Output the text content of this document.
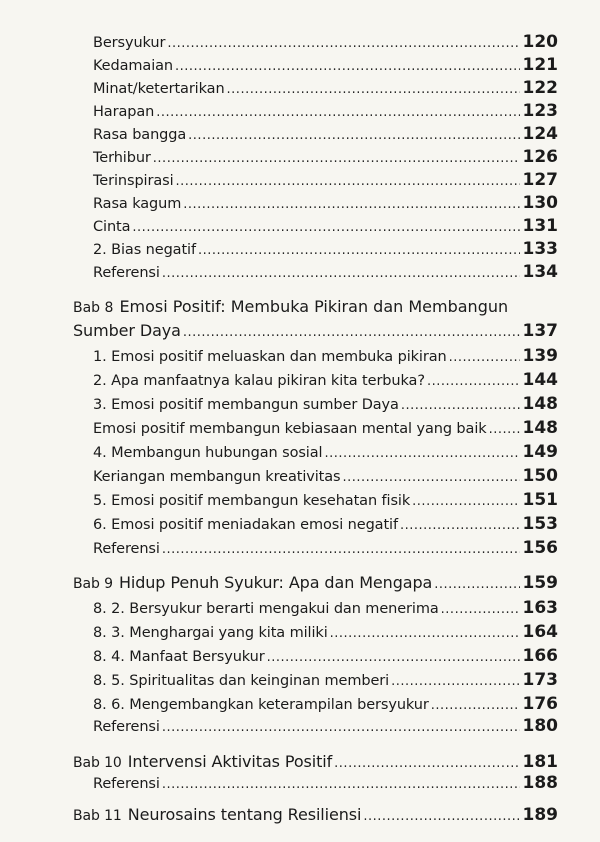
Bersyukur .....	120
Kedamaian .....	121
Minat/ketertarikan .....	122
Harapan .....	123
Rasa bangga .....	124
Terhibur .....	126
Terinspirasi .....	127
Rasa kagum .....	130
Cinta .....	131
2. Bias negatif .....	133
Referensi .....	134
Bab 8 Emosi Positif: Membuka Pikiran dan Membangun
Sumber Daya .....	137
1. Emosi positif meluaskan dan membuka pikiran .....	139
2. Apa manfaatnya kalau pikiran kita terbuka? .....	144
3. Emosi positif membangun sumber Daya .....	148
Emosi positif membangun kebiasaan mental yang baik ..... 148
4. Membangun hubungan sosial .....	149
Keriangan membangun kreativitas .....	150
5. Emosi positif membangun kesehatan fisik .....	151
6. Emosi positif meniadakan emosi negatif .....	153
Referensi .....	156
Bab 9 Hidup Penuh Syukur: Apa dan Mengapa .....	159
8. 2. Bersyukur berarti mengakui dan menerima .....	163
8. 3. Menghargai yang kita miliki .....	164
8. 4. Manfaat Bersyukur .....	166
8. 5. Spiritualitas dan keinginan memberi .....	173
8. 6. Mengembangkan keterampilan bersyukur .....	176
Referensi .....	180
Bab 10 Intervensi Aktivitas Positif .....	181
Referensi .....	188
Bab 11 Neurosains tentang Resiliensi .....	189
